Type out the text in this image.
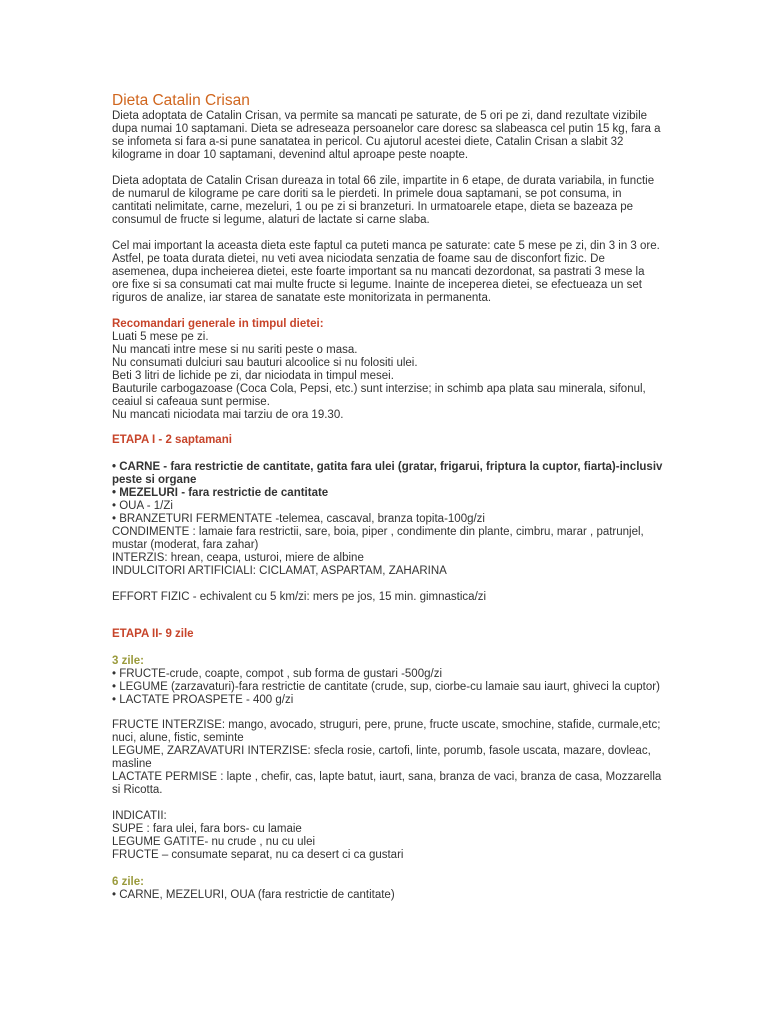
Dieta Catalin Crisan
Dieta adoptata de Catalin Crisan, va permite sa mancati pe saturate, de 5 ori pe zi, dand rezultate vizibile
dupa numai 10 saptamani. Dieta se adreseaza persoanelor care doresc sa slabeasca cel putin 15 kg, fara a
se infometa si fara a-si pune sanatatea in pericol. Cu ajutorul acestei diete, Catalin Crisan a slabit 32
kilograme in doar 10 saptamani, devenind altul aproape peste noapte.
Dieta adoptata de Catalin Crisan dureaza in total 66 zile, impartite in 6 etape, de durata variabila, in functie
de numarul de kilograme pe care doriti sa le pierdeti. In primele doua saptamani, se pot consuma, in
cantitati nelimitate, carne, mezeluri, 1 ou pe zi si branzeturi. In urmatoarele etape, dieta se bazeaza pe
consumul de fructe si legume, alaturi de lactate si carne slaba.
Cel mai important la aceasta dieta este faptul ca puteti manca pe saturate: cate 5 mese pe zi, din 3 in 3 ore.
Astfel, pe toata durata dietei, nu veti avea niciodata senzatia de foame sau de disconfort fizic. De
asemenea, dupa incheierea dietei, este foarte important sa nu mancati dezordonat, sa pastrati 3 mese la
ore fixe si sa consumati cat mai multe fructe si legume. Inainte de inceperea dietei, se efectueaza un set
riguros de analize, iar starea de sanatate este monitorizata in permanenta.
Recomandari generale in timpul dietei:
Luati 5 mese pe zi.
Nu mancati intre mese si nu sariti peste o masa.
Nu consumati dulciuri sau bauturi alcoolice si nu folositi ulei.
Beti 3 litri de lichide pe zi, dar niciodata in timpul mesei.
Bauturile carbogazoase (Coca Cola, Pepsi, etc.) sunt interzise; in schimb apa plata sau minerala, sifonul,
ceaiul si cafeaua sunt permise.
Nu mancati niciodata mai tarziu de ora 19.30.
ETAPA I - 2 saptamani
• CARNE - fara restrictie de cantitate, gatita fara ulei (gratar, frigarui, friptura la cuptor, fiarta)-inclusiv
peste si organe
• MEZELURI - fara restrictie de cantitate
• OUA - 1/Zi
• BRANZETURI FERMENTATE -telemea, cascaval, branza topita-100g/zi
CONDIMENTE : lamaie fara restrictii, sare, boia, piper , condimente din plante, cimbru, marar , patrunjel,
mustar (moderat, fara zahar)
INTERZIS: hrean, ceapa, usturoi, miere de albine
INDULCITORI ARTIFICIALI: CICLAMAT, ASPARTAM, ZAHARINA
EFFORT FIZIC - echivalent cu 5 km/zi: mers pe jos, 15 min. gimnastica/zi
ETAPA II- 9 zile
3 zile:
• FRUCTE-crude, coapte, compot , sub forma de gustari -500g/zi
• LEGUME (zarzavaturi)-fara restrictie de cantitate (crude, sup, ciorbe-cu lamaie sau iaurt, ghiveci la cuptor)
• LACTATE PROASPETE - 400 g/zi
FRUCTE INTERZISE: mango, avocado, struguri, pere, prune, fructe uscate, smochine, stafide, curmale,etc;
nuci, alune, fistic, seminte
LEGUME, ZARZAVATURI INTERZISE: sfecla rosie, cartofi, linte, porumb, fasole uscata, mazare, dovleac,
masline
LACTATE PERMISE : lapte , chefir, cas, lapte batut, iaurt, sana, branza de vaci, branza de casa, Mozzarella
si Ricotta.
INDICATII:
SUPE : fara ulei, fara bors- cu lamaie
LEGUME GATITE- nu crude , nu cu ulei
FRUCTE – consumate separat, nu ca desert ci ca gustari
6 zile:
• CARNE, MEZELURI, OUA (fara restrictie de cantitate)
